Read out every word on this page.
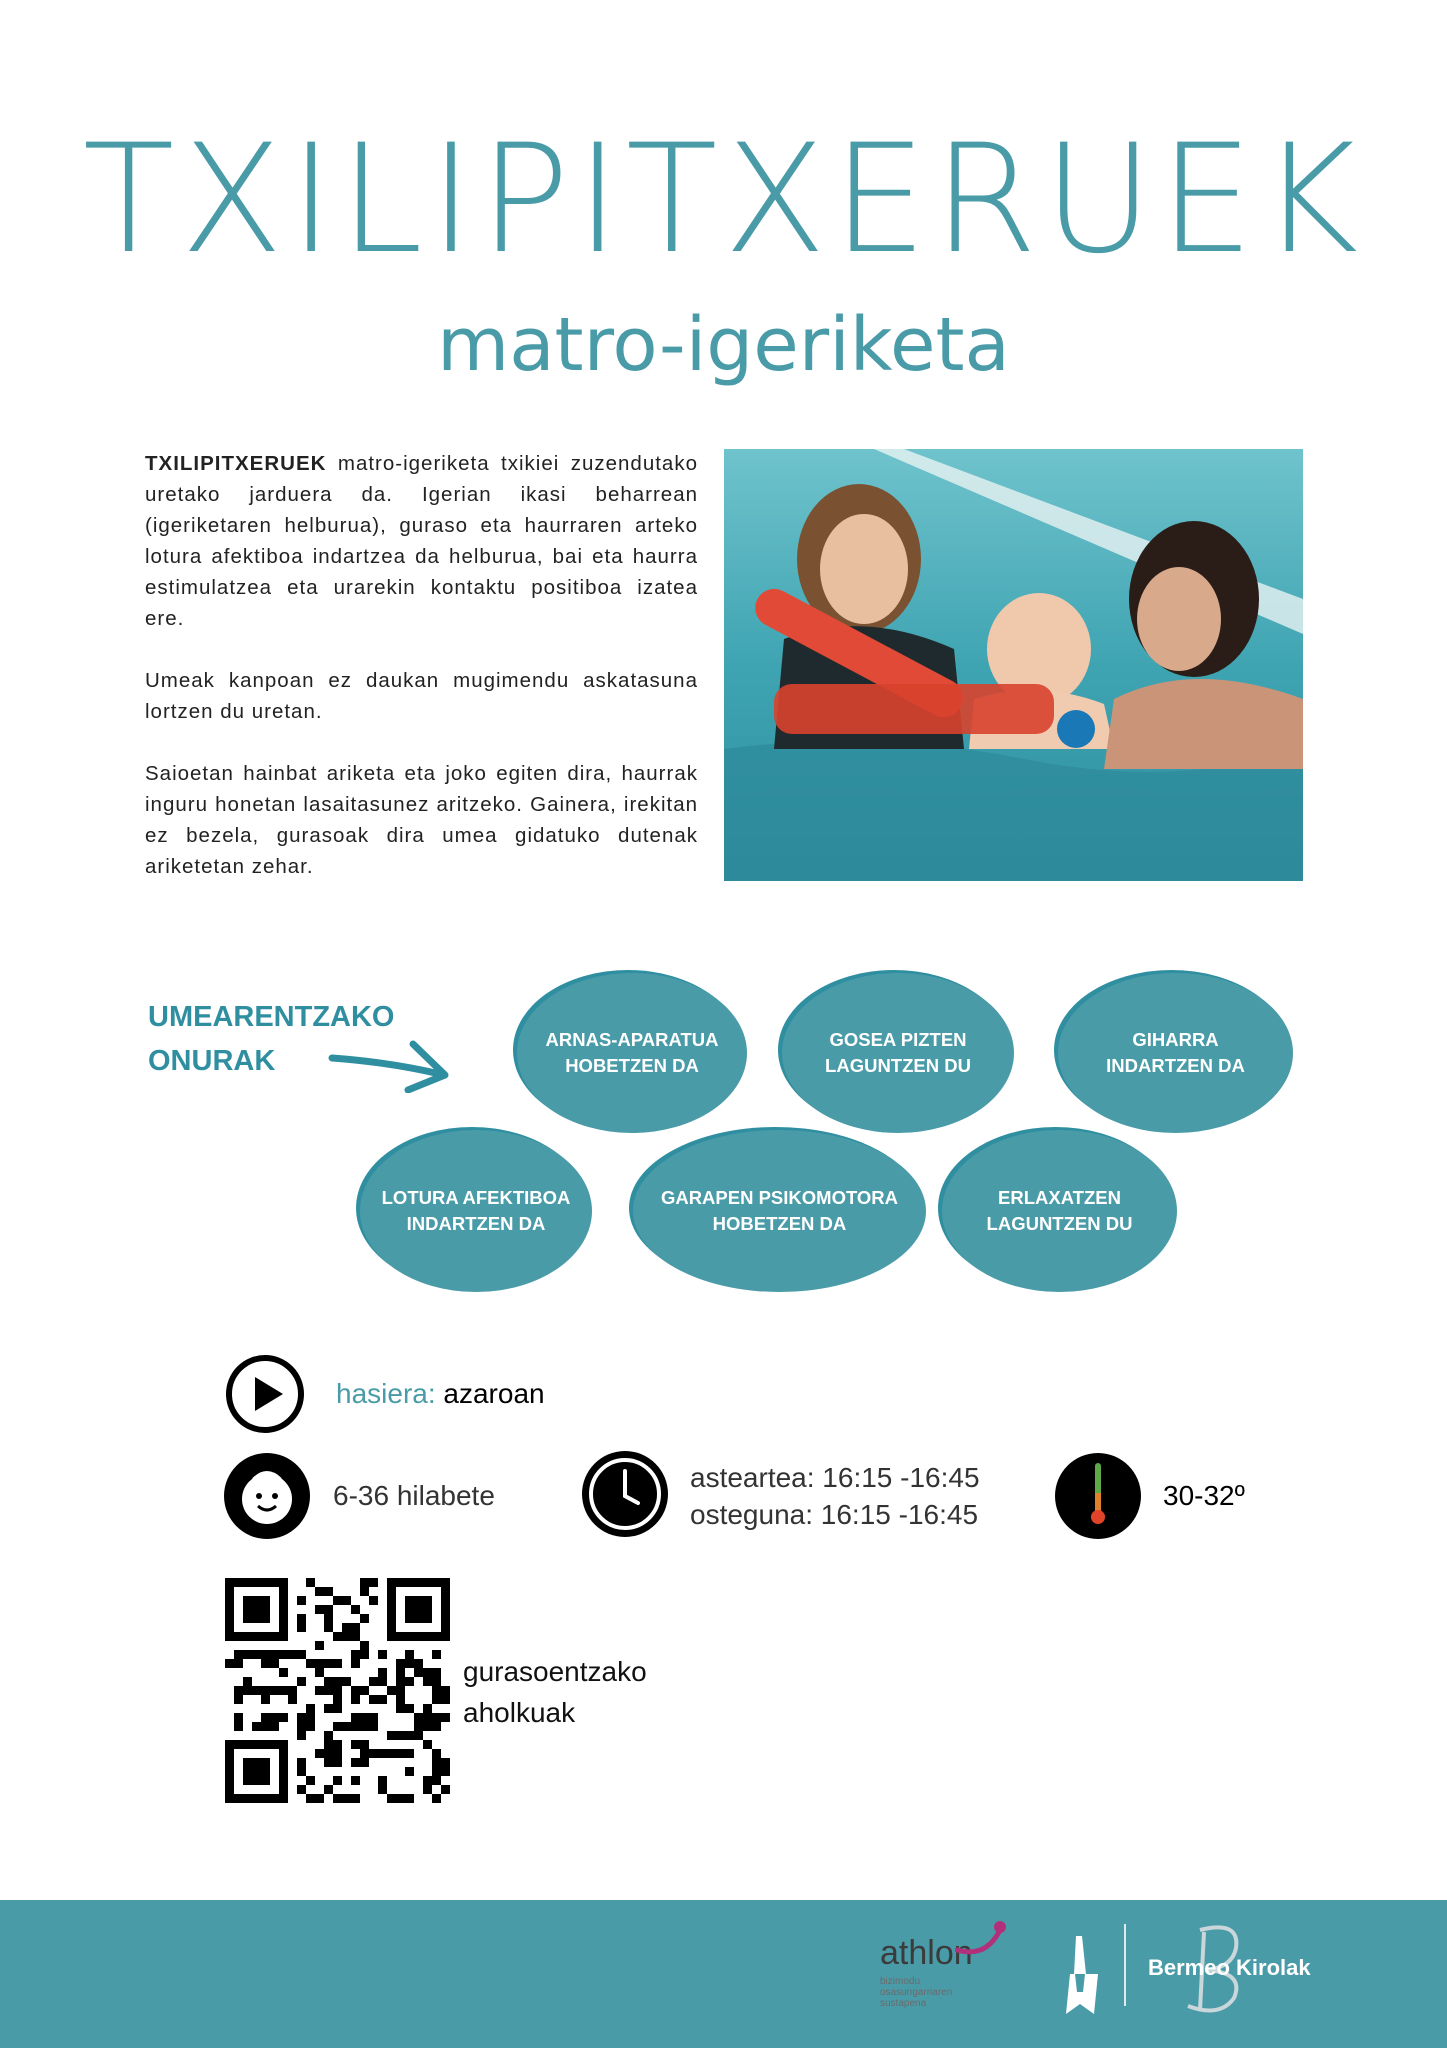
TXILIPITXERUEK
matro-igeriketa

TXILIPITXERUEK matro-igeriketa txikiei zuzendutako uretako jarduera da. Igerian ikasi beharrean (igeriketaren helburua), guraso eta haurraren arteko lotura afektiboa indartzea da helburua, bai eta haurra estimulatzea eta urarekin kontaktu positiboa izatea ere.

Umeak kanpoan ez daukan mugimendu askatasuna lortzen du uretan.

Saioetan hainbat ariketa eta joko egiten dira, haurrak inguru honetan lasaitasunez aritzeko. Gainera, irekitan ez bezela, gurasoak dira umea gidatuko dutenak ariketetan zehar.

UMEARENTZAKO
ONURAK
ARNAS-APARATUA
HOBETZEN DA
GOSEA PIZTEN
LAGUNTZEN DU
GIHARRA
INDARTZEN DA
LOTURA AFEKTIBOA
INDARTZEN DA
GARAPEN PSIKOMOTORA
HOBETZEN DA
ERLAXATZEN
LAGUNTZEN DU
hasiera: azaroan
6-36 hilabete
asteartea: 16:15 -16:45
osteguna: 16:15 -16:45
30-32º
gurasoentzako
aholkuak
athlon
bizimodu
osasungarriaren
sustapena
Bermeo Kirolak
